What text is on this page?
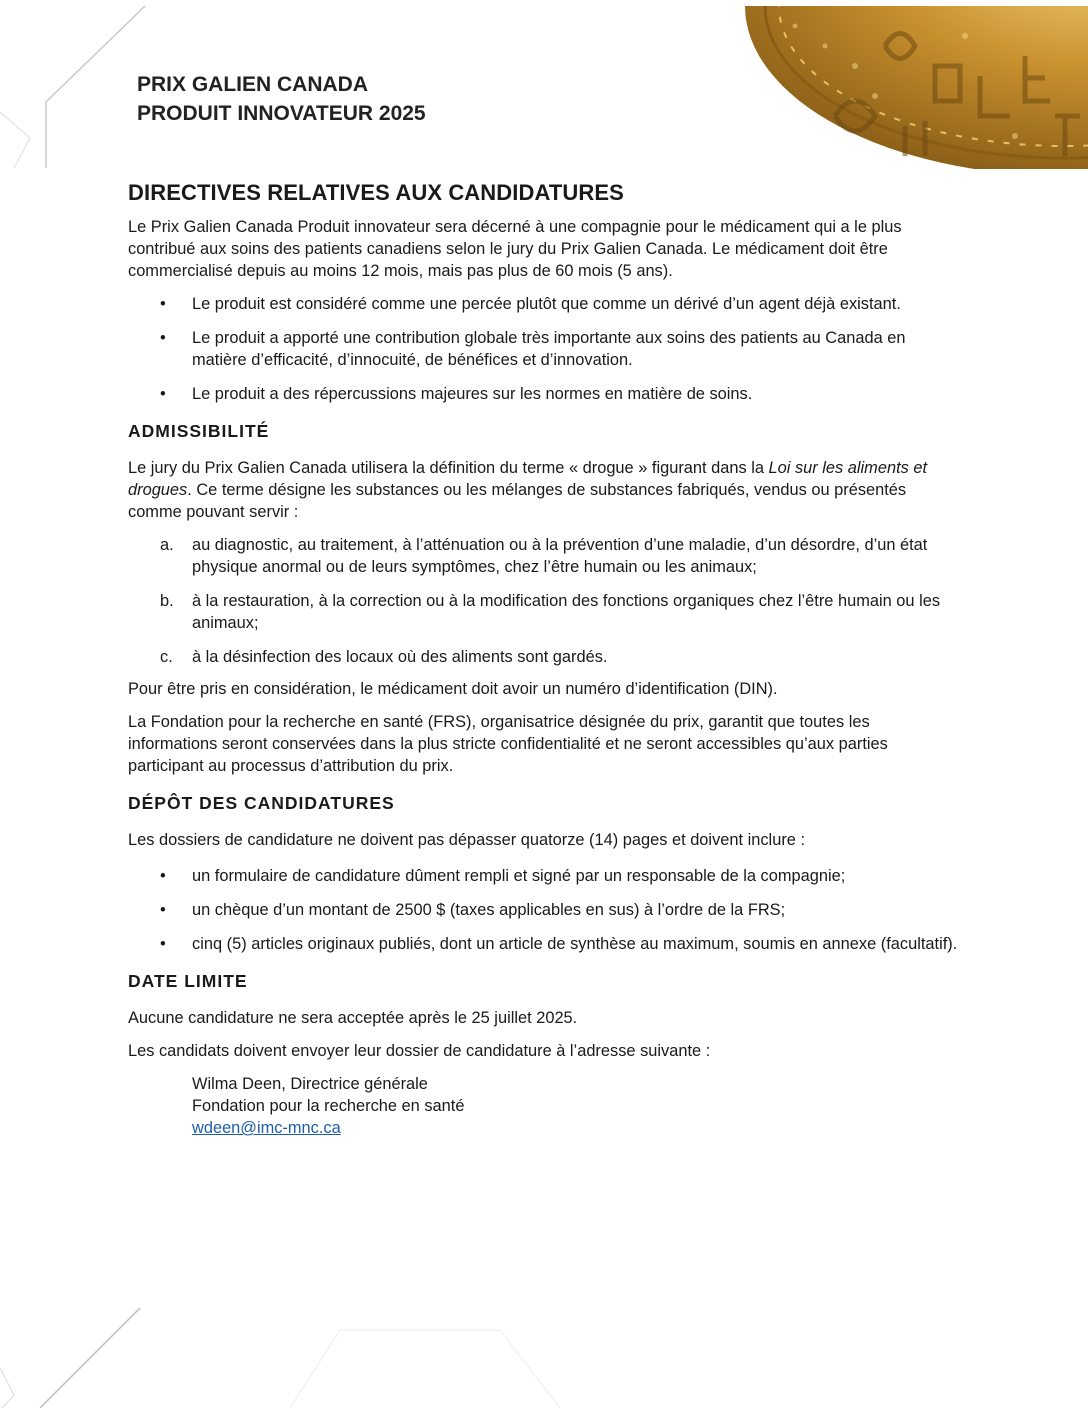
PRIX GALIEN CANADA
PRODUIT INNOVATEUR 2025
DIRECTIVES RELATIVES AUX CANDIDATURES

Le Prix Galien Canada Produit innovateur sera décerné à une compagnie pour le médicament qui a le plus contribué aux soins des patients canadiens selon le jury du Prix Galien Canada. Le médicament doit être commercialisé depuis au moins 12 mois, mais pas plus de 60 mois (5 ans).

• Le produit est considéré comme une percée plutôt que comme un dérivé d’un agent déjà existant.
• Le produit a apporté une contribution globale très importante aux soins des patients au Canada en matière d’efficacité, d’innocuité, de bénéfices et d’innovation.
• Le produit a des répercussions majeures sur les normes en matière de soins.
ADMISSIBILITÉ

Le jury du Prix Galien Canada utilisera la définition du terme « drogue » figurant dans la Loi sur les aliments et drogues. Ce terme désigne les substances ou les mélanges de substances fabriqués, vendus ou présentés comme pouvant servir :

a. au diagnostic, au traitement, à l’atténuation ou à la prévention d’une maladie, d’un désordre, d’un état physique anormal ou de leurs symptômes, chez l’être humain ou les animaux;
b. à la restauration, à la correction ou à la modification des fonctions organiques chez l’être humain ou les animaux;
c. à la désinfection des locaux où des aliments sont gardés.

Pour être pris en considération, le médicament doit avoir un numéro d’identification (DIN).

La Fondation pour la recherche en santé (FRS), organisatrice désignée du prix, garantit que toutes les informations seront conservées dans la plus stricte confidentialité et ne seront accessibles qu’aux parties participant au processus d’attribution du prix.

DÉPÔT DES CANDIDATURES

Les dossiers de candidature ne doivent pas dépasser quatorze (14) pages et doivent inclure :

• un formulaire de candidature dûment rempli et signé par un responsable de la compagnie;
• un chèque d’un montant de 2500 $ (taxes applicables en sus) à l’ordre de la FRS;
• cinq (5) articles originaux publiés, dont un article de synthèse au maximum, soumis en annexe (facultatif).
DATE LIMITE

Aucune candidature ne sera acceptée après le 25 juillet 2025.

Les candidats doivent envoyer leur dossier de candidature à l’adresse suivante :

Wilma Deen, Directrice générale
Fondation pour la recherche en santé
wdeen@imc-mnc.ca
